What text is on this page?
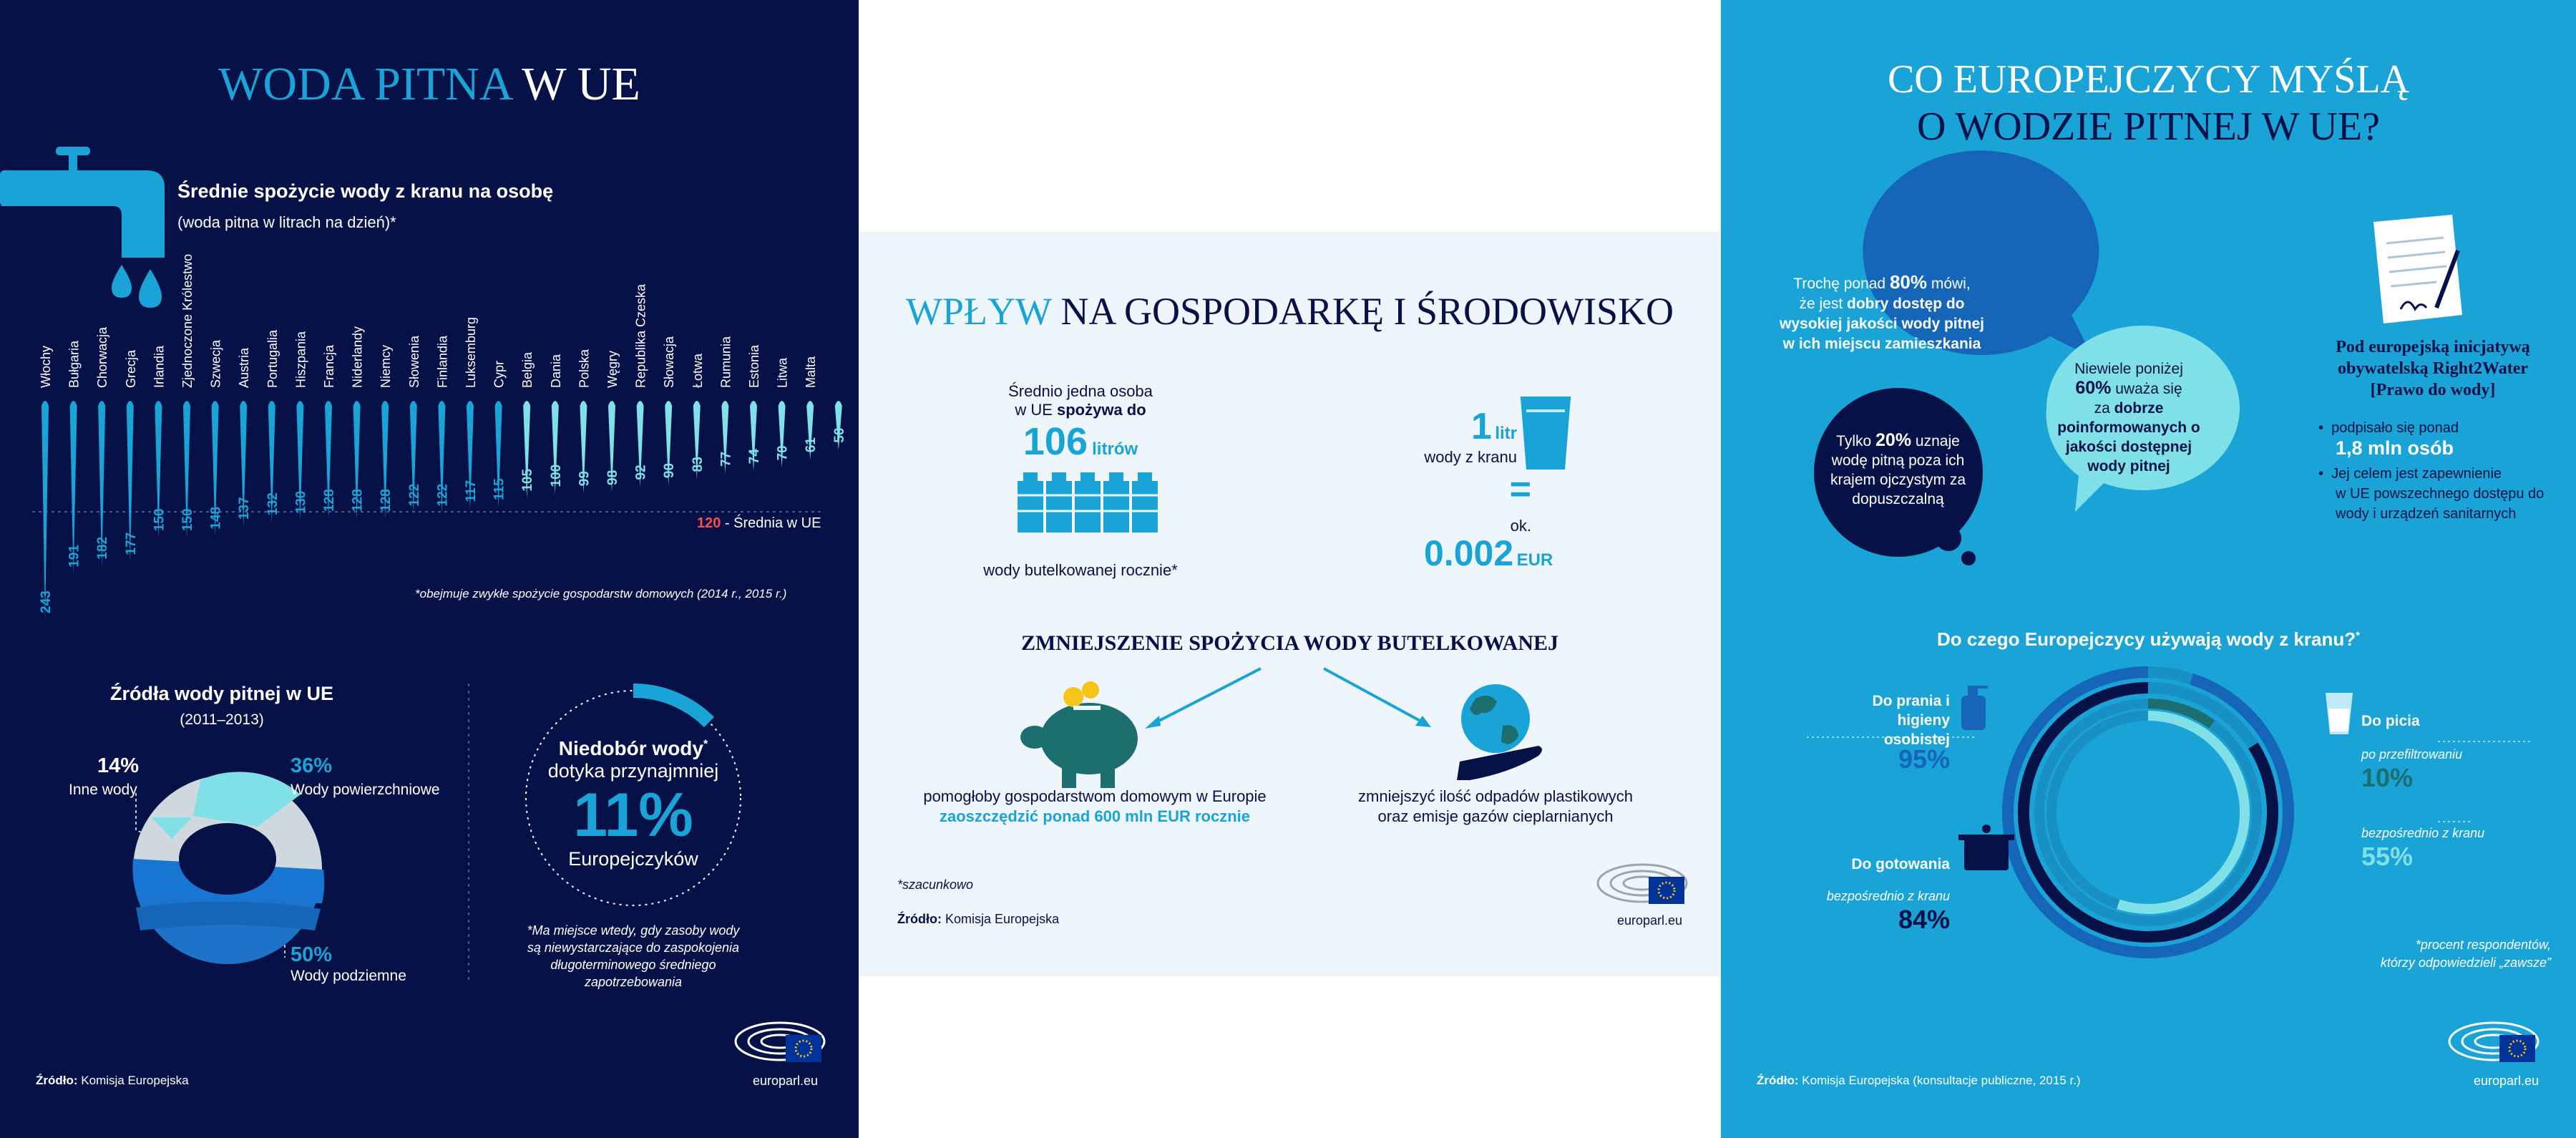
WODA PITNA W UE
Średnie spożycie wody z kranu na osobę
(woda pitna w litrach na dzień)*
243
Włochy
191
Bułgaria
182
Chorwacja
177
Grecja
150
Irlandia
150
Zjednoczone Królestwo
148
Szwecja
137
Austria
132
Portugalia
130
Hiszpania
128
Francja
128
Niderlandy
128
Niemcy
122
Słowenia
122
Finlandia
117
Luksemburg
115
Cypr
105
Belgia
100
Dania
99
Polska
98
Węgry
92
Republika Czeska
90
Słowacja
83
Łotwa
77
Rumunia
74
Estonia
70
Litwa
61
Malta
50
120 - Średnia w UE
*obejmuje zwykłe spożycie gospodarstw domowych (2014 r., 2015 r.)
Źródła wody pitnej w UE
(2011–2013)
14%
Inne wody
36%
Wody powierzchniowe
50%
Wody podziemne
Niedobór wody*
dotyka przynajmniej
11%
Europejczyków
*Ma miejsce wtedy, gdy zasoby wody
są niewystarczające do zaspokojenia
długoterminowego średniego
zapotrzebowania
europarl.eu
Źródło: Komisja Europejska
WPŁYW NA GOSPODARKĘ I ŚRODOWISKO
Średnio jedna osoba
w UE spożywa do
106 litrów
wody butelkowanej rocznie*
1 litr
wody z kranu
=
ok.
0.002 EUR
ZMNIEJSZENIE SPOŻYCIA WODY BUTELKOWANEJ
pomogłoby gospodarstwom domowym w Europie
zaoszczędzić ponad 600 mln EUR rocznie
zmniejszyć ilość odpadów plastikowych
oraz emisje gazów cieplarnianych
*szacunkowo
Źródło: Komisja Europejska	europarl.eu
CO EUROPEJCZYCY MYŚLĄ
O WODZIE PITNEJ W UE?
Trochę ponad 80% mówi,
że jest dobry dostęp do
wysokiej jakości wody pitnej
w ich miejscu zamieszkania
Niewiele poniżej
60% uważa się
za dobrze
poinformowanych o
jakości dostępnej
wody pitnej
Tylko 20% uznaje
wodę pitną poza ich
krajem ojczystym za
dopuszczalną
Pod europejską inicjatywą
obywatelską Right2Water
[Prawo do wody]
•  podpisało się ponad
1,8 mln osób
•  Jej celem jest zapewnienie
w UE powszechnego dostępu do
wody i urządzeń sanitarnych
Do czego Europejczycy używają wody z kranu?*
Do prania i
higieny osobistej
95%
Do gotowania
bezpośrednio z kranu
84%
Do picia
po przefiltrowaniu
10%
bezpośrednio z kranu
55%
*procent respondentów,
którzy odpowiedzieli „zawsze”
europarl.eu
Źródło: Komisja Europejska (konsultacje publiczne, 2015 r.)
